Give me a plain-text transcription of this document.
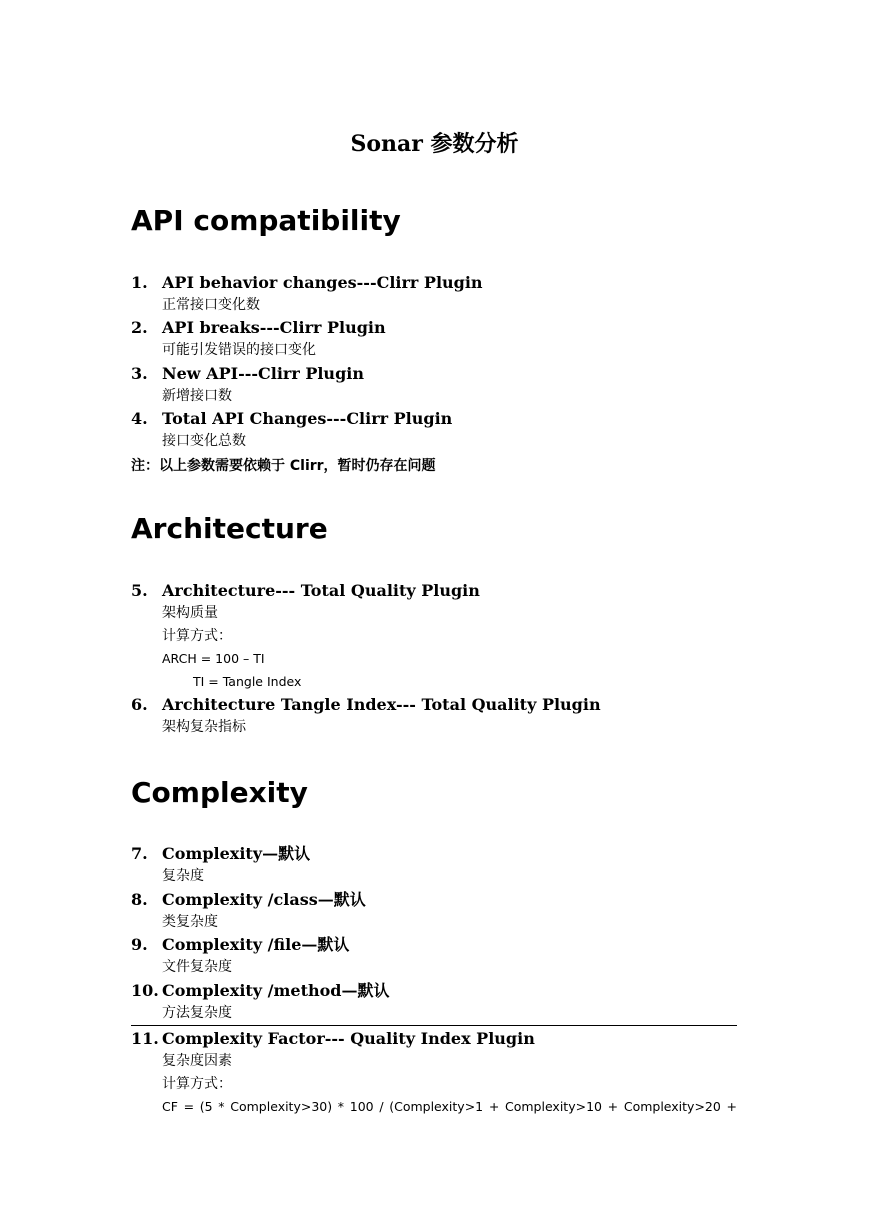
Sonar 参数分析
API compatibility
1. API behavior changes---Clirr Plugin
正常接口变化数
2. API breaks---Clirr Plugin
可能引发错误的接口变化
3. New API---Clirr Plugin
新增接口数
4. Total API Changes---Clirr Plugin
接口变化总数
注：以上参数需要依赖于 Clirr，暂时仍存在问题
Architecture
5. Architecture--- Total Quality Plugin
架构质量
计算方式：
ARCH = 100 – TI
TI = Tangle Index
6. Architecture Tangle Index--- Total Quality Plugin
架构复杂指标
Complexity
7. Complexity—默认
复杂度
8. Complexity /class—默认
类复杂度
9. Complexity /file—默认
文件复杂度
10. Complexity /method—默认
方法复杂度
11. Complexity Factor--- Quality Index Plugin
复杂度因素
计算方式：
CF = (5 * Complexity>30) * 100 / (Complexity>1 + Complexity>10 + Complexity>20 +
